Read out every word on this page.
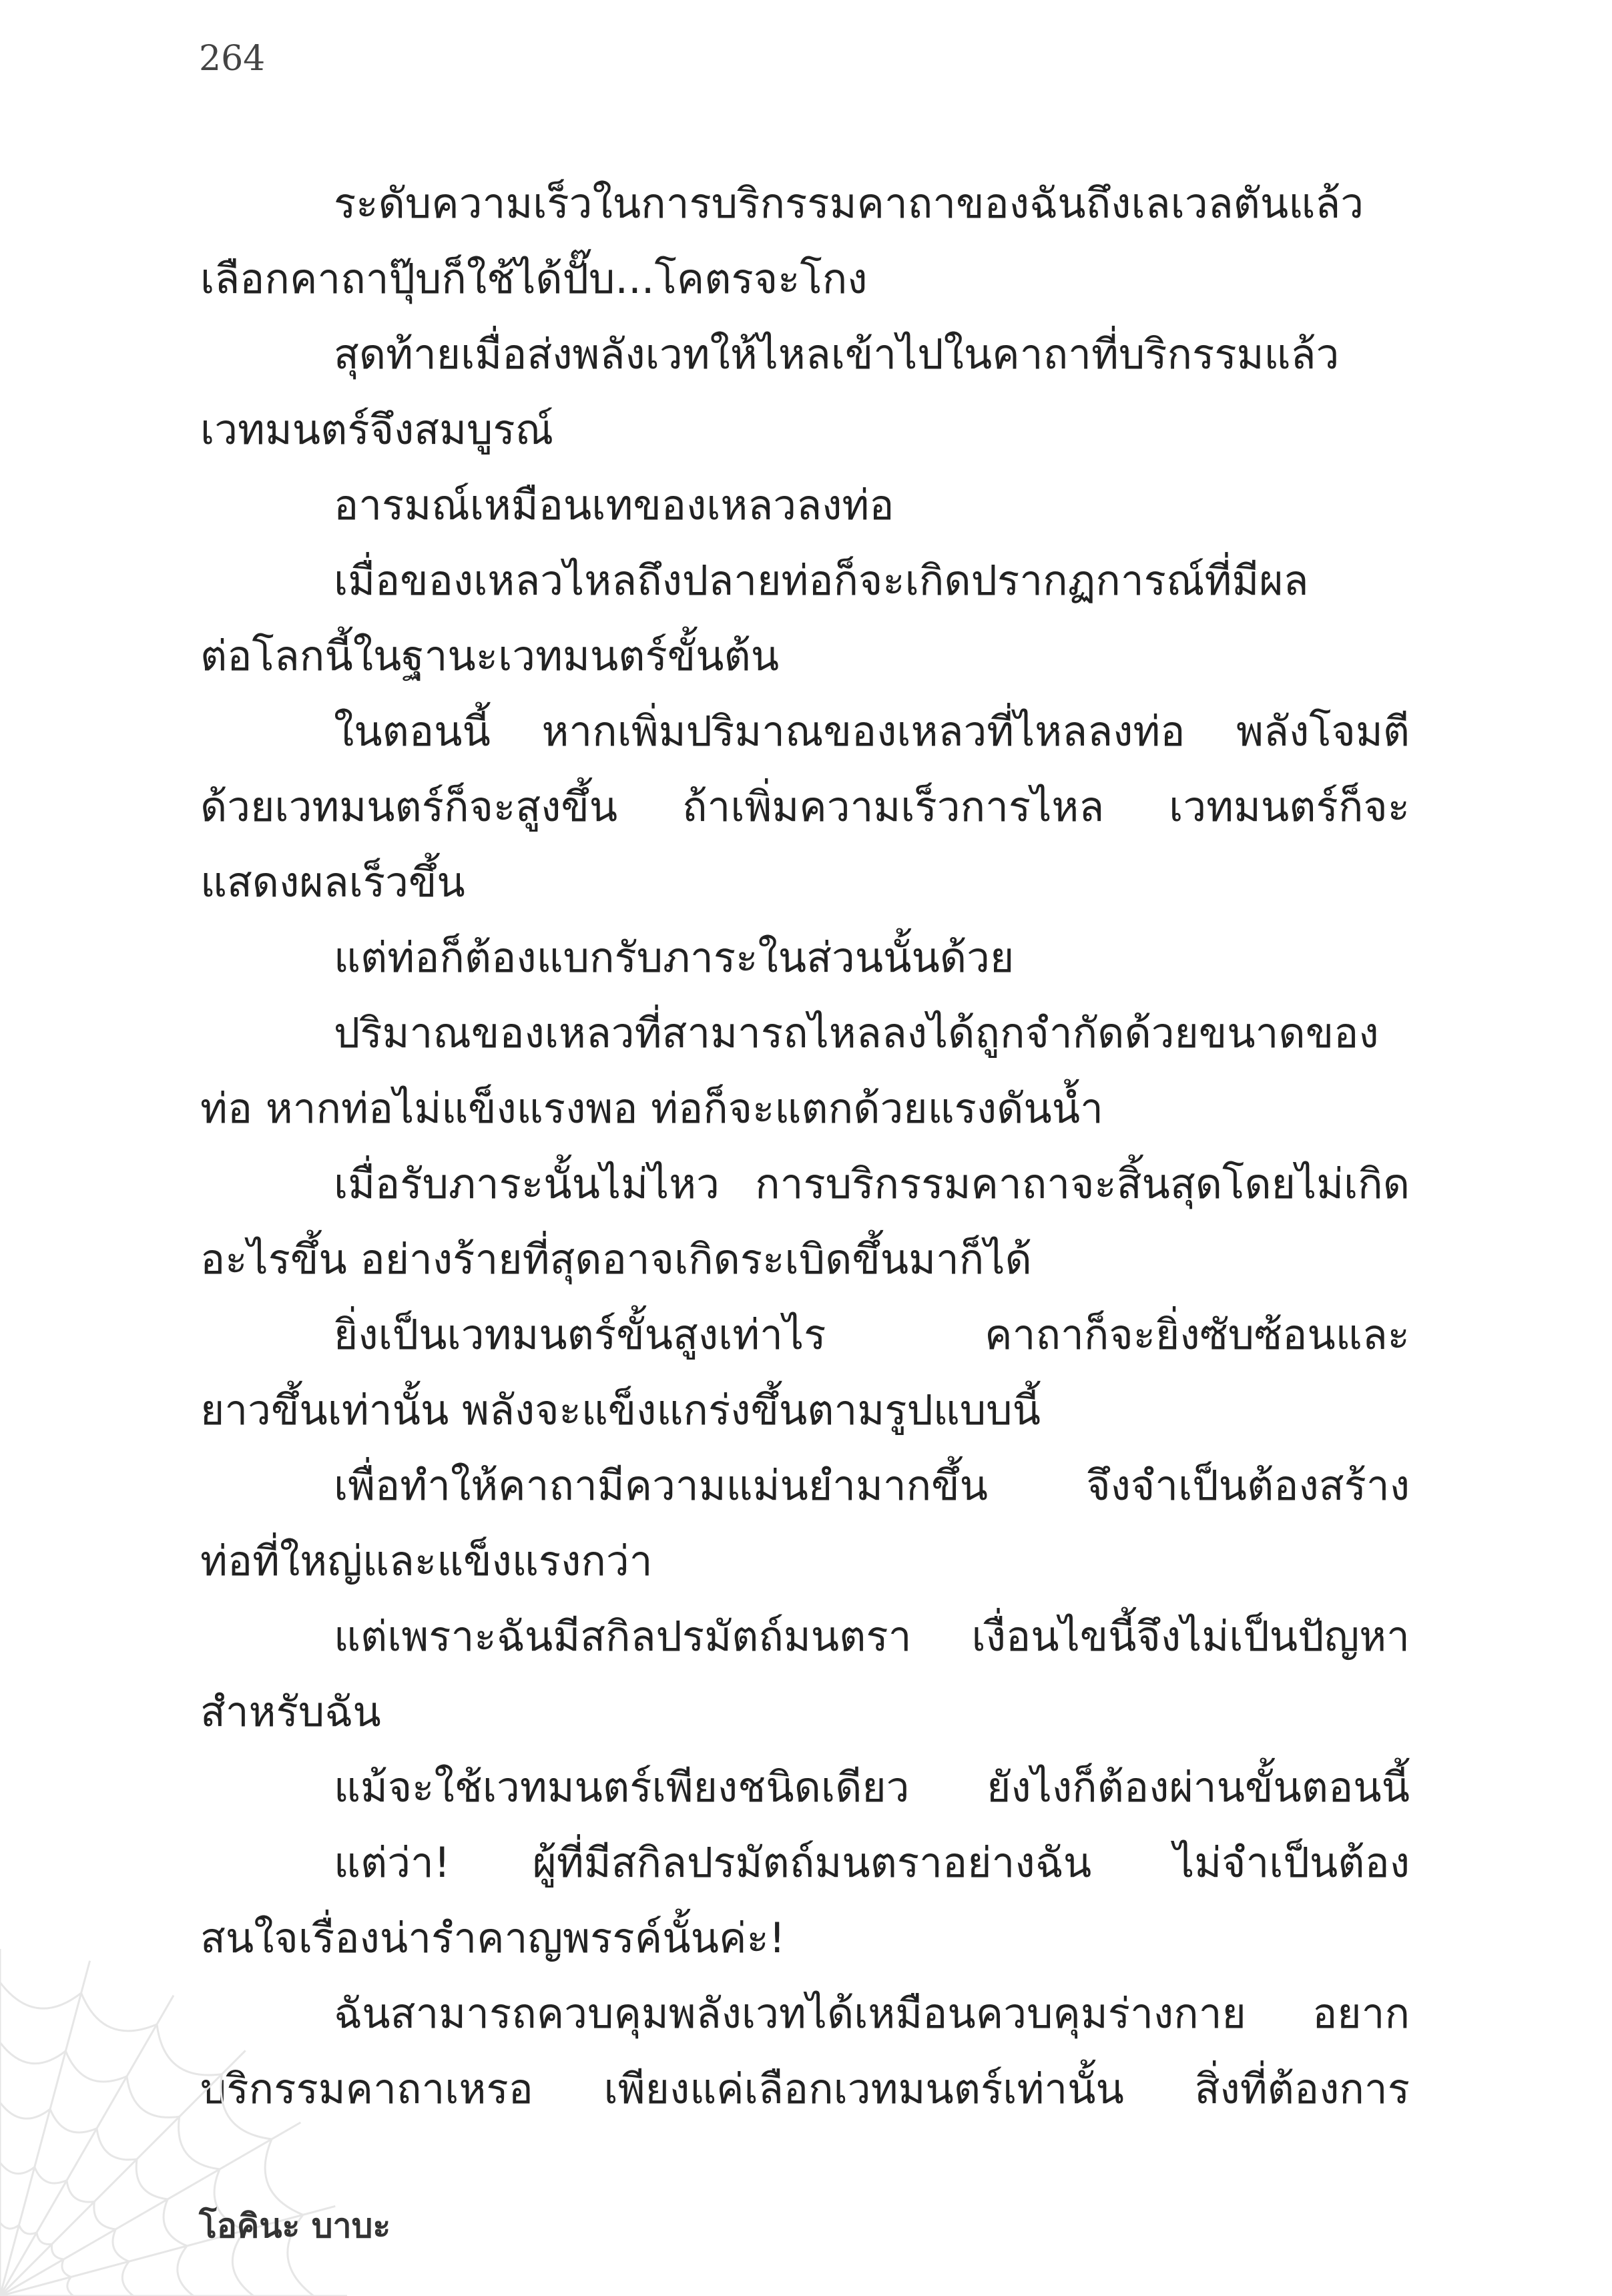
264
ระดับความเร็วในการบริกรรมคาถาของฉันถึงเลเวลตันแล้ว
เลือกคาถาปุ๊บก็ใช้ได้ปั๊บ...โคตรจะโกง
สุดท้ายเมื่อส่งพลังเวทให้ไหลเข้าไปในคาถาที่บริกรรมแล้ว
เวทมนตร์จึงสมบูรณ์
อารมณ์เหมือนเทของเหลวลงท่อ
เมื่อของเหลวไหลถึงปลายท่อก็จะเกิดปรากฏการณ์ที่มีผล
ต่อโลกนี้ในฐานะเวทมนตร์ขั้นต้น
ในตอนนี้ หากเพิ่มปริมาณของเหลวที่ไหลลงท่อ พลังโจมตี
ด้วยเวทมนตร์ก็จะสูงขึ้น ถ้าเพิ่มความเร็วการไหล เวทมนตร์ก็จะ
แสดงผลเร็วขึ้น
แต่ท่อก็ต้องแบกรับภาระในส่วนนั้นด้วย
ปริมาณของเหลวที่สามารถไหลลงได้ถูกจำกัดด้วยขนาดของ
ท่อ หากท่อไม่แข็งแรงพอ ท่อก็จะแตกด้วยแรงดันน้ำ
เมื่อรับภาระนั้นไม่ไหว การบริกรรมคาถาจะสิ้นสุดโดยไม่เกิด
อะไรขึ้น อย่างร้ายที่สุดอาจเกิดระเบิดขึ้นมาก็ได้
ยิ่งเป็นเวทมนตร์ขั้นสูงเท่าไร คาถาก็จะยิ่งซับซ้อนและ
ยาวขึ้นเท่านั้น พลังจะแข็งแกร่งขึ้นตามรูปแบบนี้
เพื่อทำให้คาถามีความแม่นยำมากขึ้น จึงจำเป็นต้องสร้าง
ท่อที่ใหญ่และแข็งแรงกว่า
แต่เพราะฉันมีสกิลปรมัตถ์มนตรา เงื่อนไขนี้จึงไม่เป็นปัญหา
สำหรับฉัน
แม้จะใช้เวทมนตร์เพียงชนิดเดียว ยังไงก็ต้องผ่านขั้นตอนนี้
แต่ว่า! ผู้ที่มีสกิลปรมัตถ์มนตราอย่างฉัน ไม่จำเป็นต้อง
สนใจเรื่องน่ารำคาญพรรค์นั้นค่ะ!
ฉันสามารถควบคุมพลังเวทได้เหมือนควบคุมร่างกาย อยาก
บริกรรมคาถาเหรอ เพียงแค่เลือกเวทมนตร์เท่านั้น สิ่งที่ต้องการ
โอคินะ บาบะ
